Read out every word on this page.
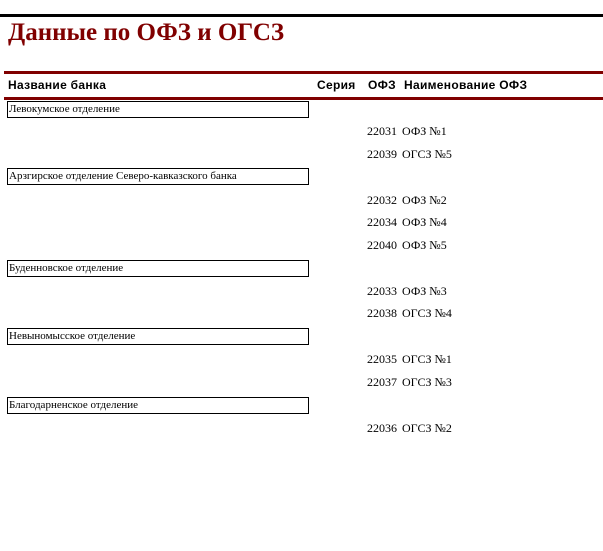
Данные по ОФЗ и ОГСЗ
Название банка	Серия ОФЗ Наименование ОФЗ
Левокумское отделение
22031 ОФЗ №1
22039 ОГСЗ №5
Арзгирское отделение Северо-кавказского банка
22032 ОФЗ №2
22034 ОФЗ №4
22040 ОФЗ №5
Буденновское отделение
22033 ОФЗ №3
22038 ОГСЗ №4
Невыномысское отделение
22035 ОГСЗ №1
22037 ОГСЗ №3
Благодарненское отделение
22036 ОГСЗ №2
